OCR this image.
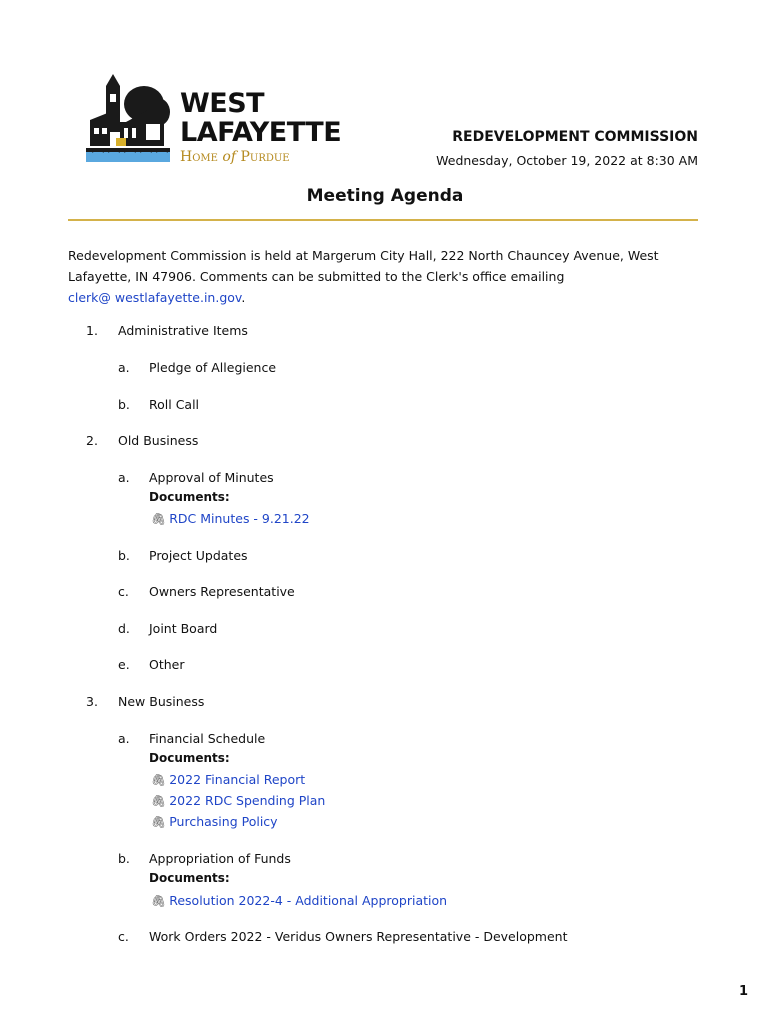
WEST
LAFAYETTE
Home of Purdue
REDEVELOPMENT COMMISSION
Wednesday, October 19, 2022 at 8:30 AM
Meeting Agenda
Redevelopment Commission is held at Margerum City Hall, 222 North Chauncey Avenue, West Lafayette, IN 47906. Comments can be submitted to the Clerk's office emailing
clerk@ westlafayette.in.gov.
1. Administrative Items
a. Pledge of Allegience
b. Roll Call
2. Old Business
a. Approval of Minutes
Documents:
🖇︎ RDC Minutes - 9.21.22
b. Project Updates
c. Owners Representative
d. Joint Board
e. Other
3. New Business
a. Financial Schedule
Documents:
🖇︎ 2022 Financial Report
🖇︎ 2022 RDC Spending Plan
🖇︎ Purchasing Policy
b. Appropriation of Funds
Documents:
🖇︎ Resolution 2022-4 - Additional Appropriation
c. Work Orders 2022 - Veridus Owners Representative - Development
1
